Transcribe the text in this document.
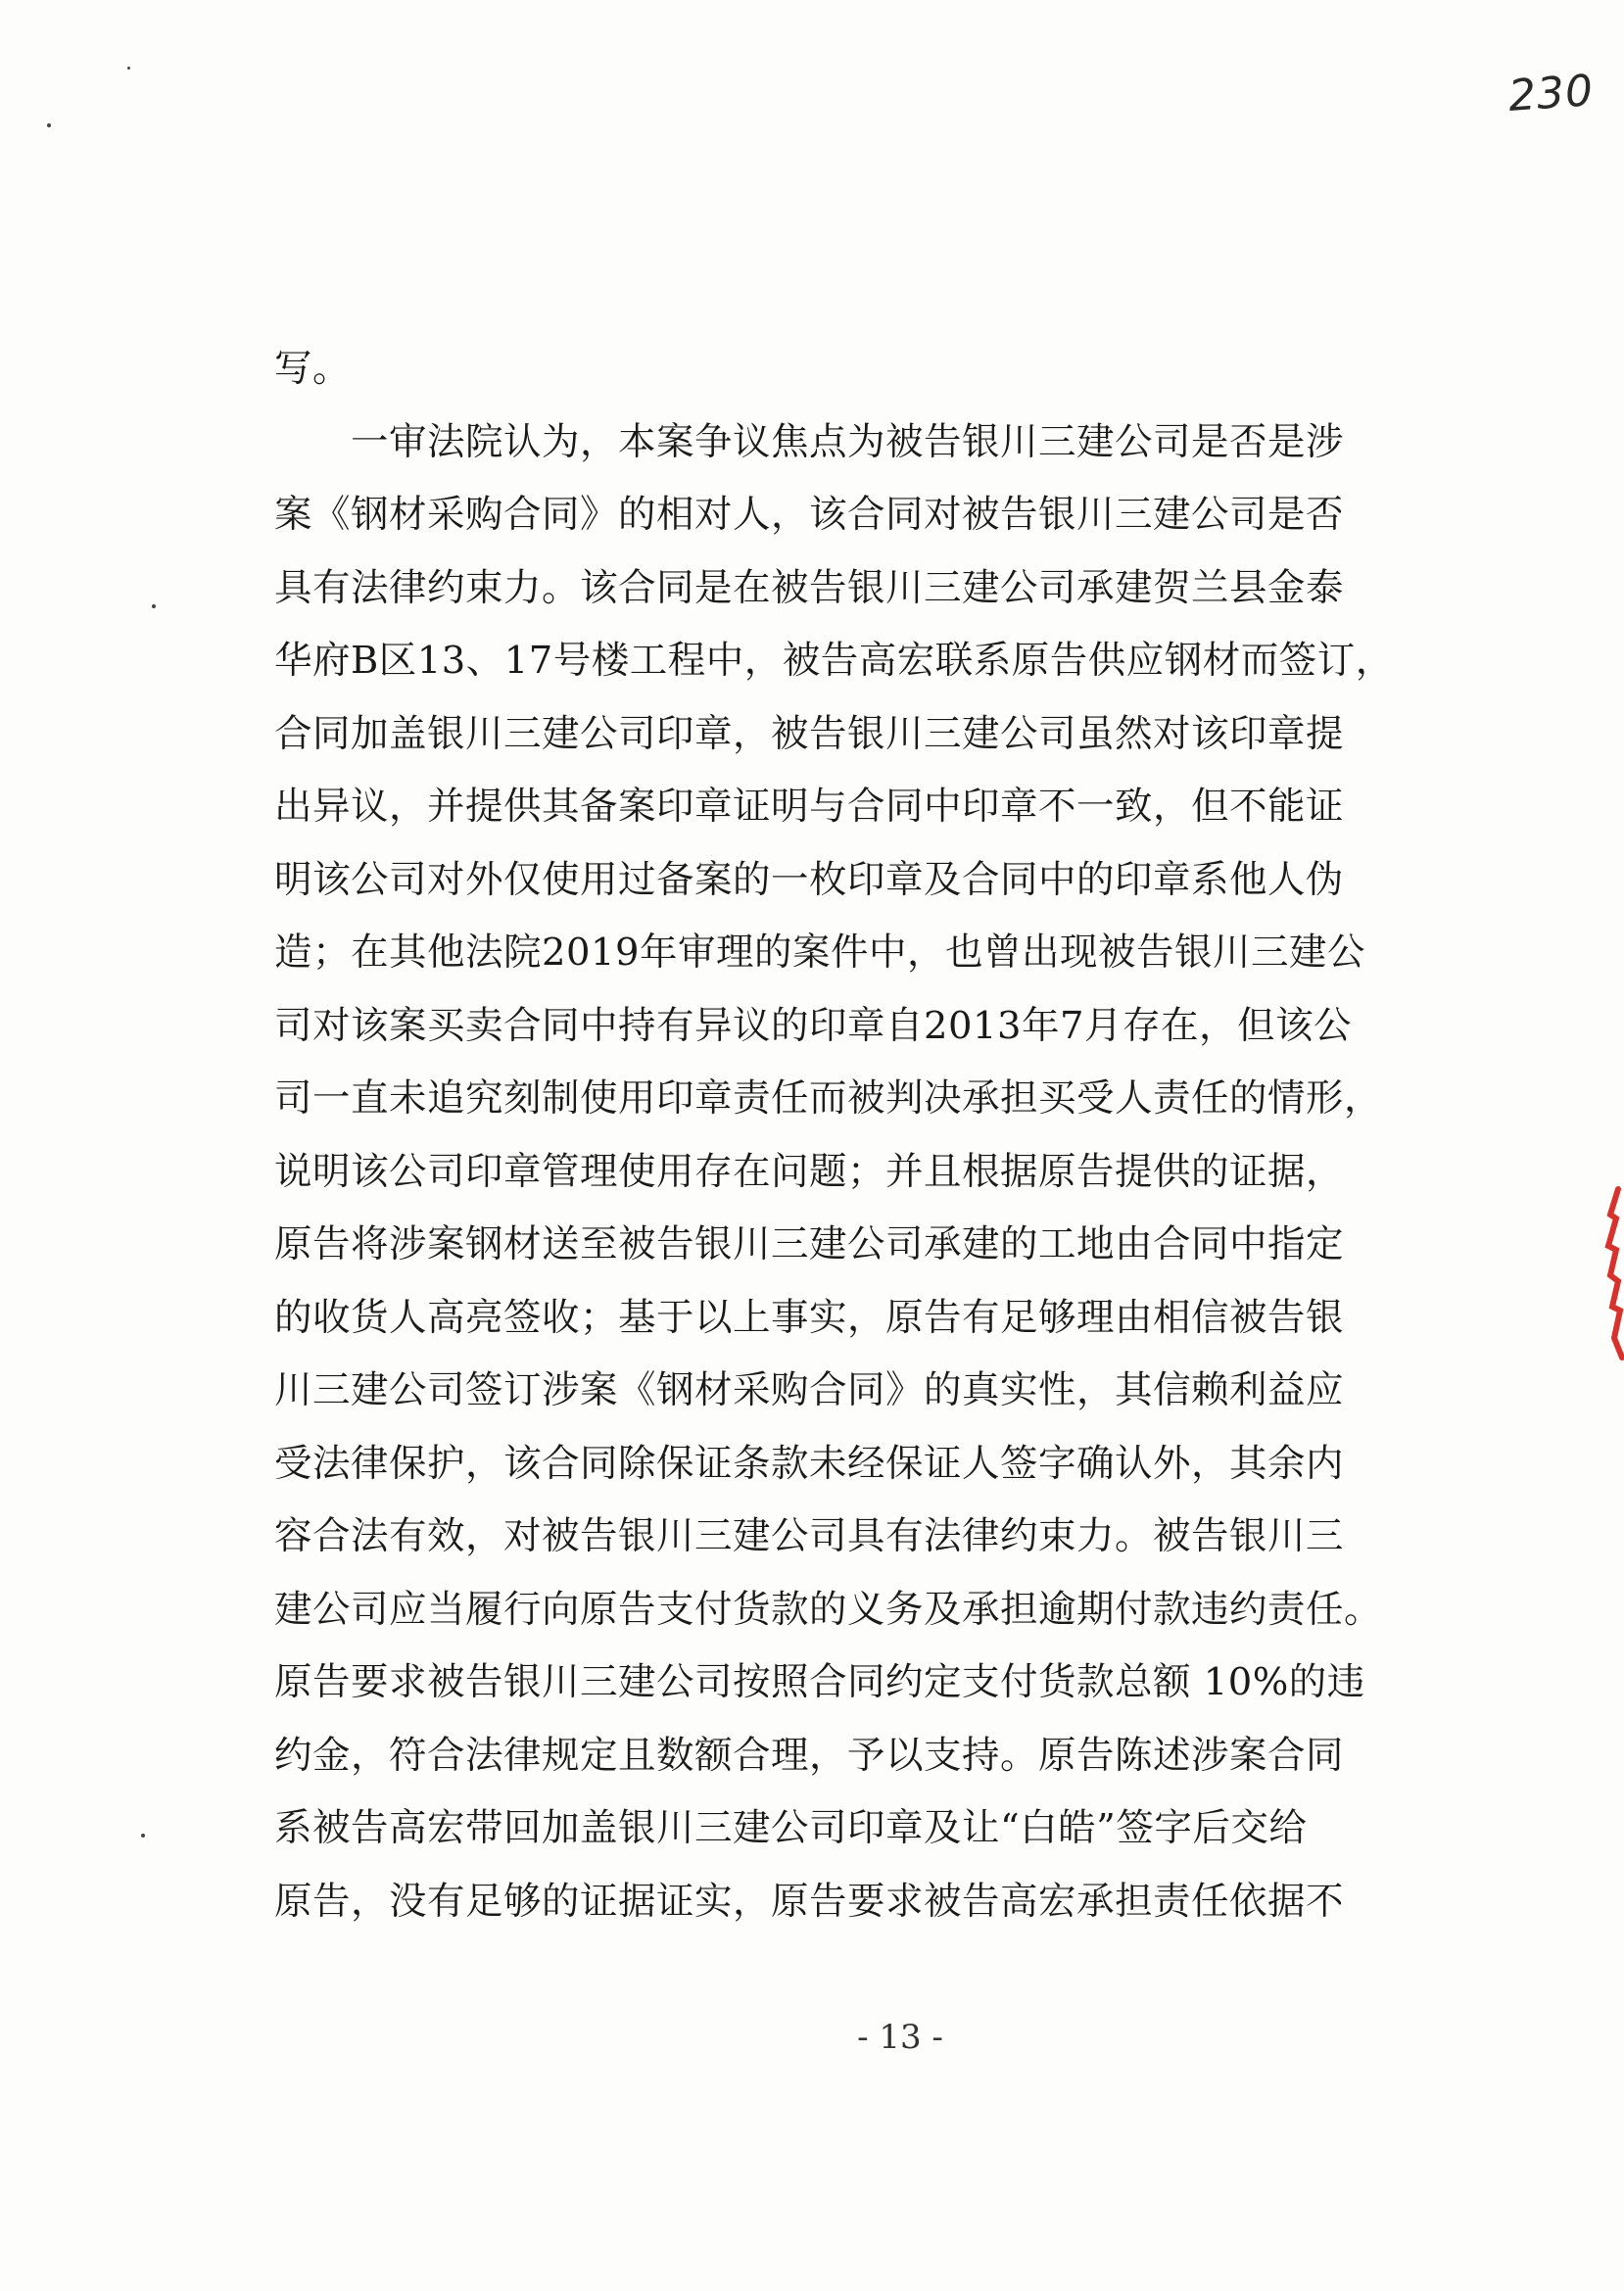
230
写。
　　一审法院认为，本案争议焦点为被告银川三建公司是否是涉
案《钢材采购合同》的相对人，该合同对被告银川三建公司是否
具有法律约束力。该合同是在被告银川三建公司承建贺兰县金泰
华府B区13、17号楼工程中，被告高宏联系原告供应钢材而签订，
合同加盖银川三建公司印章，被告银川三建公司虽然对该印章提
出异议，并提供其备案印章证明与合同中印章不一致，但不能证
明该公司对外仅使用过备案的一枚印章及合同中的印章系他人伪
造；在其他法院2019年审理的案件中，也曾出现被告银川三建公
司对该案买卖合同中持有异议的印章自2013年7月存在，但该公
司一直未追究刻制使用印章责任而被判决承担买受人责任的情形，
说明该公司印章管理使用存在问题；并且根据原告提供的证据，
原告将涉案钢材送至被告银川三建公司承建的工地由合同中指定
的收货人高亮签收；基于以上事实，原告有足够理由相信被告银
川三建公司签订涉案《钢材采购合同》的真实性，其信赖利益应
受法律保护，该合同除保证条款未经保证人签字确认外，其余内
容合法有效，对被告银川三建公司具有法律约束力。被告银川三
建公司应当履行向原告支付货款的义务及承担逾期付款违约责任。
原告要求被告银川三建公司按照合同约定支付货款总额 10%的违
约金，符合法律规定且数额合理，予以支持。原告陈述涉案合同
系被告高宏带回加盖银川三建公司印章及让“白皓”签字后交给
原告，没有足够的证据证实，原告要求被告高宏承担责任依据不
- 13 -
